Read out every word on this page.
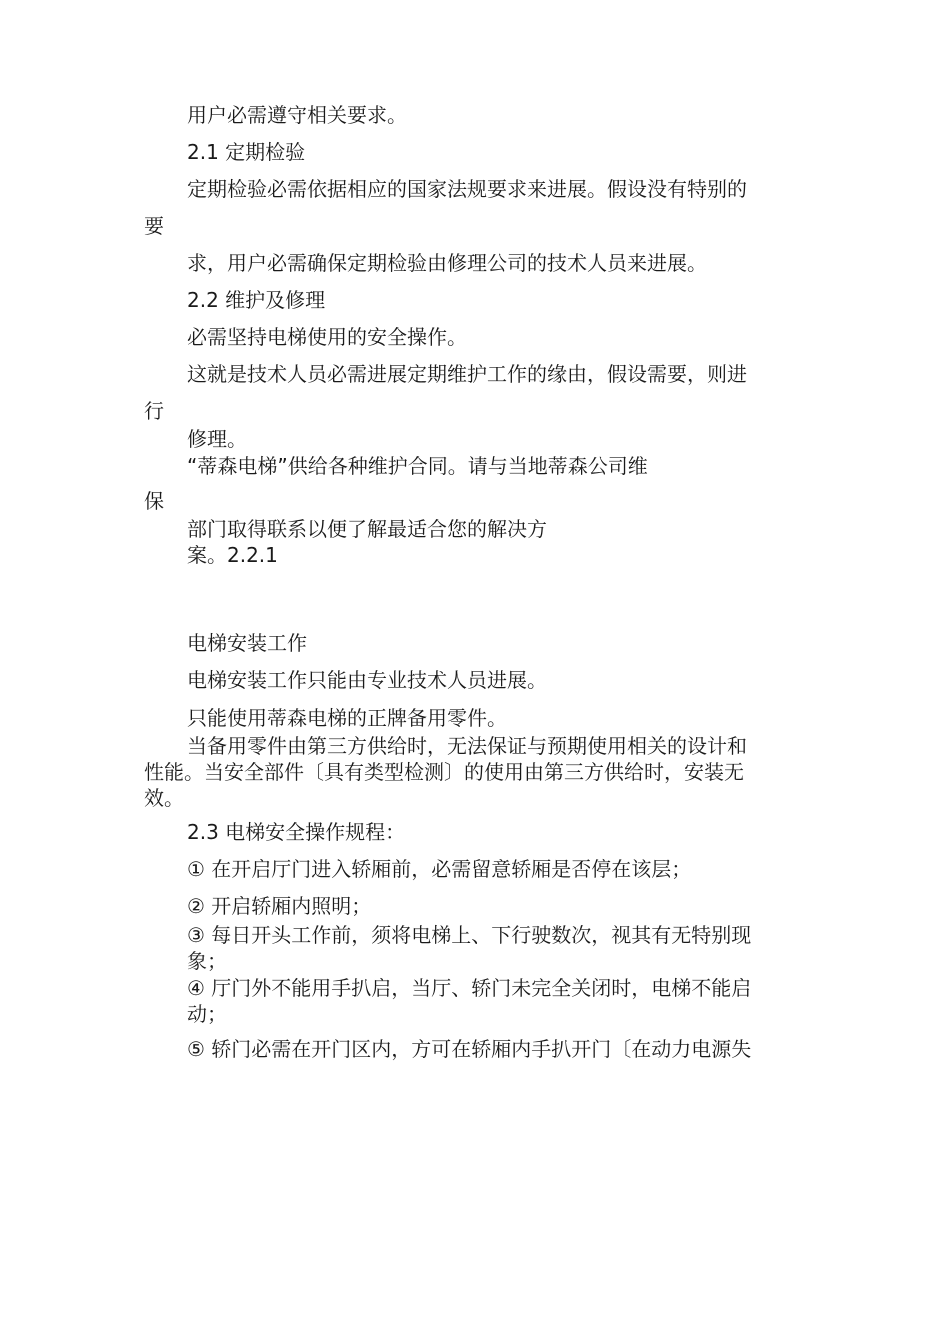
用户必需遵守相关要求。
2.1 定期检验
定期检验必需依据相应的国家法规要求来进展。假设没有特别的
要
求，用户必需确保定期检验由修理公司的技术人员来进展。
2.2 维护及修理
必需坚持电梯使用的安全操作。
这就是技术人员必需进展定期维护工作的缘由，假设需要，则进
行
修理。
“蒂森电梯”供给各种维护合同。请与当地蒂森公司维
保
部门取得联系以便了解最适合您的解决方
案。2.2.1
电梯安装工作
电梯安装工作只能由专业技术人员进展。
只能使用蒂森电梯的正牌备用零件。
当备用零件由第三方供给时，无法保证与预期使用相关的设计和
性能。当安全部件〔具有类型检测〕的使用由第三方供给时，安装无
效。
2.3 电梯安全操作规程：
① 在开启厅门进入轿厢前，必需留意轿厢是否停在该层；
② 开启轿厢内照明；
③ 每日开头工作前，须将电梯上、下行驶数次，视其有无特别现
象；
④ 厅门外不能用手扒启，当厅、轿门未完全关闭时，电梯不能启
动；
⑤ 轿门必需在开门区内，方可在轿厢内手扒开门〔在动力电源失
